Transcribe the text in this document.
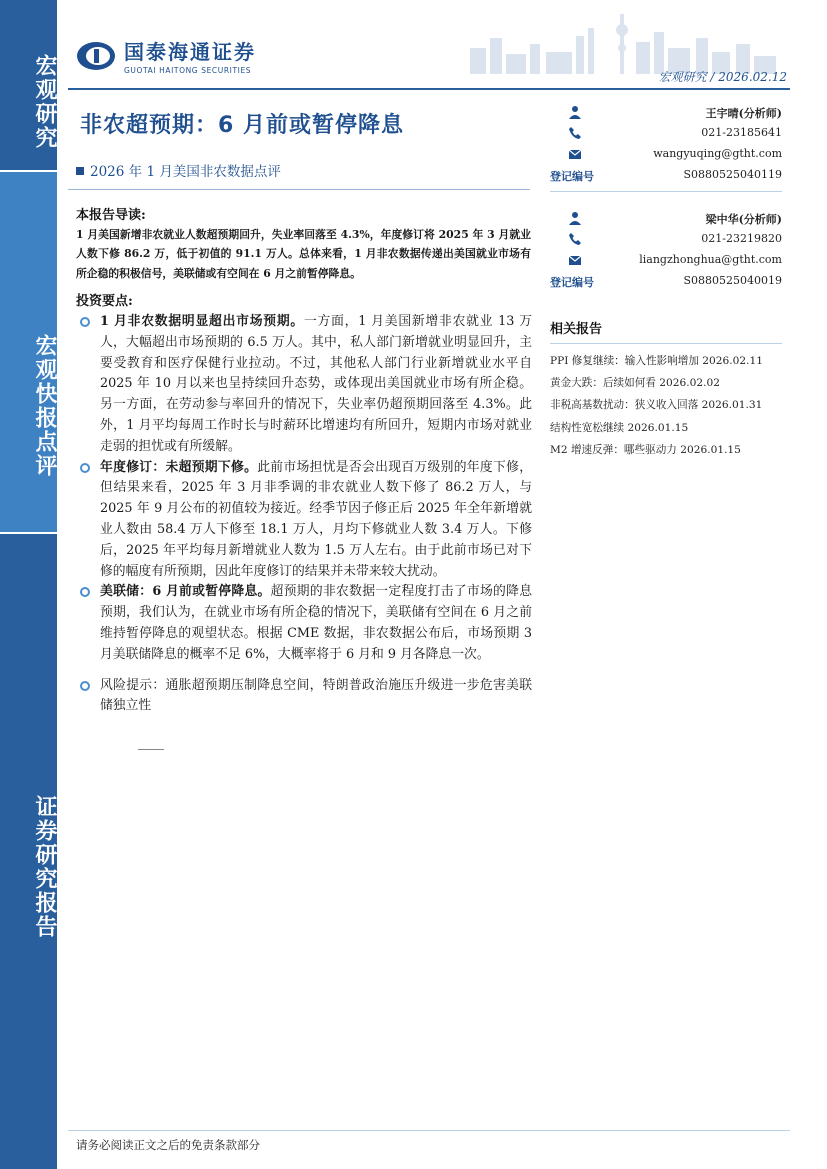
宏观研究
宏观快报点评
证券研究报告
国泰海通证券
GUOTAI HAITONG SECURITIES	宏观研究 / 2026.02.12
非农超预期：6 月前或暂停降息
2026 年 1 月美国非农数据点评
王宇晴(分析师)
021-23185641
wangyuqing@gtht.com
登记编号	S0880525040119
梁中华(分析师)
021-23219820
liangzhonghua@gtht.com
登记编号	S0880525040019
本报告导读:
1 月美国新增非农就业人数超预期回升，失业率回落至 4.3%，年度修订将 2025 年 3 月就业人数下修 86.2 万，低于初值的 91.1 万人。总体来看，1 月非农数据传递出美国就业市场有所企稳的积极信号，美联储或有空间在 6 月之前暂停降息。
投资要点:
1 月非农数据明显超出市场预期。一方面，1 月美国新增非农就业 13 万人，大幅超出市场预期的 6.5 万人。其中，私人部门新增就业明显回升，主要受教育和医疗保健行业拉动。不过，其他私人部门行业新增就业水平自 2025 年 10 月以来也呈持续回升态势，或体现出美国就业市场有所企稳。另一方面，在劳动参与率回升的情况下，失业率仍超预期回落至 4.3%。此外，1 月平均每周工作时长与时薪环比增速均有所回升，短期内市场对就业走弱的担忧或有所缓解。
年度修订：未超预期下修。此前市场担忧是否会出现百万级别的年度下修，但结果来看，2025 年 3 月非季调的非农就业人数下修了 86.2 万人，与 2025 年 9 月公布的初值较为接近。经季节因子修正后 2025 年全年新增就业人数由 58.4 万人下修至 18.1 万人，月均下修就业人数 3.4 万人。下修后，2025 年平均每月新增就业人数为 1.5 万人左右。由于此前市场已对下修的幅度有所预期，因此年度修订的结果并未带来较大扰动。
美联储：6 月前或暂停降息。超预期的非农数据一定程度打击了市场的降息预期，我们认为，在就业市场有所企稳的情况下，美联储有空间在 6 月之前维持暂停降息的观望状态。根据 CME 数据，非农数据公布后，市场预期 3 月美联储降息的概率不足 6%，大概率将于 6 月和 9 月各降息一次。
风险提示：通胀超预期压制降息空间，特朗普政治施压升级进一步危害美联储独立性
相关报告
PPI 修复继续：输入性影响增加 2026.02.11
黄金大跌：后续如何看 2026.02.02
非税高基数扰动：狭义收入回落 2026.01.31
结构性宽松继续 2026.01.15
M2 增速反弹：哪些驱动力 2026.01.15
请务必阅读正文之后的免责条款部分
